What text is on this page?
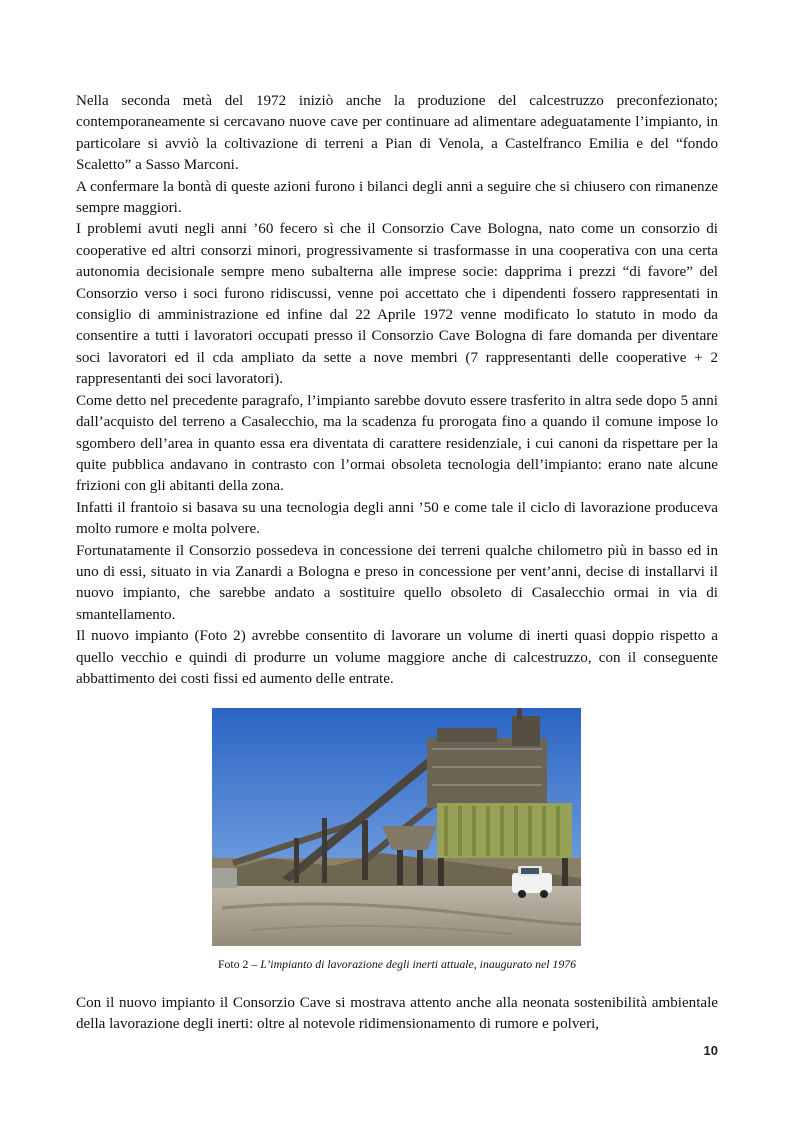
Nella seconda metà del 1972 iniziò anche la produzione del calcestruzzo preconfezionato; contemporaneamente si cercavano nuove cave per continuare ad alimentare adeguatamente l’impianto, in particolare si avviò la coltivazione di terreni a Pian di Venola, a Castelfranco Emilia e del “fondo Scaletto” a Sasso Marconi.

A confermare la bontà di queste azioni furono i bilanci degli anni a seguire che si chiusero con rimanenze sempre maggiori.

I problemi avuti negli anni ’60 fecero sì che il Consorzio Cave Bologna, nato come un consorzio di cooperative ed altri consorzi minori, progressivamente si trasformasse in una cooperativa con una certa autonomia decisionale sempre meno subalterna alle imprese socie: dapprima i prezzi “di favore” del Consorzio verso i soci furono ridiscussi, venne poi accettato che i dipendenti fossero rappresentati in consiglio di amministrazione ed infine dal 22 Aprile 1972 venne modificato lo statuto in modo da consentire a tutti i lavoratori occupati presso il Consorzio Cave Bologna di fare domanda per diventare soci lavoratori ed il cda ampliato da sette a nove membri (7 rappresentanti delle cooperative + 2 rappresentanti dei soci lavoratori).

Come detto nel precedente paragrafo, l’impianto sarebbe dovuto essere trasferito in altra sede dopo 5 anni dall’acquisto del terreno a Casalecchio, ma la scadenza fu prorogata fino a quando il comune impose lo sgombero dell’area in quanto essa era diventata di carattere residenziale, i cui canoni da rispettare per la quite pubblica andavano in contrasto con l’ormai obsoleta tecnologia dell’impianto: erano nate alcune frizioni con gli abitanti della zona.

Infatti il frantoio si basava su una tecnologia degli anni ’50 e come tale il ciclo di lavorazione produceva molto rumore e molta polvere.

Fortunatamente il Consorzio possedeva in concessione dei terreni qualche chilometro più in basso ed in uno di essi, situato in via Zanardi a Bologna e preso in concessione per vent’anni, decise di installarvi il nuovo impianto, che sarebbe andato a sostituire quello obsoleto di Casalecchio ormai in via di smantellamento.

Il nuovo impianto (Foto 2) avrebbe consentito di lavorare un volume di inerti quasi doppio rispetto a quello vecchio e quindi di produrre un volume maggiore anche di calcestruzzo, con il conseguente abbattimento dei costi fissi ed aumento delle entrate.

Foto 2 – L’impianto di lavorazione degli inerti attuale, inaugurato nel 1976

Con il nuovo impianto il Consorzio Cave si mostrava attento anche alla neonata sostenibilità ambientale della lavorazione degli inerti: oltre al notevole ridimensionamento di rumore e polveri,

10
